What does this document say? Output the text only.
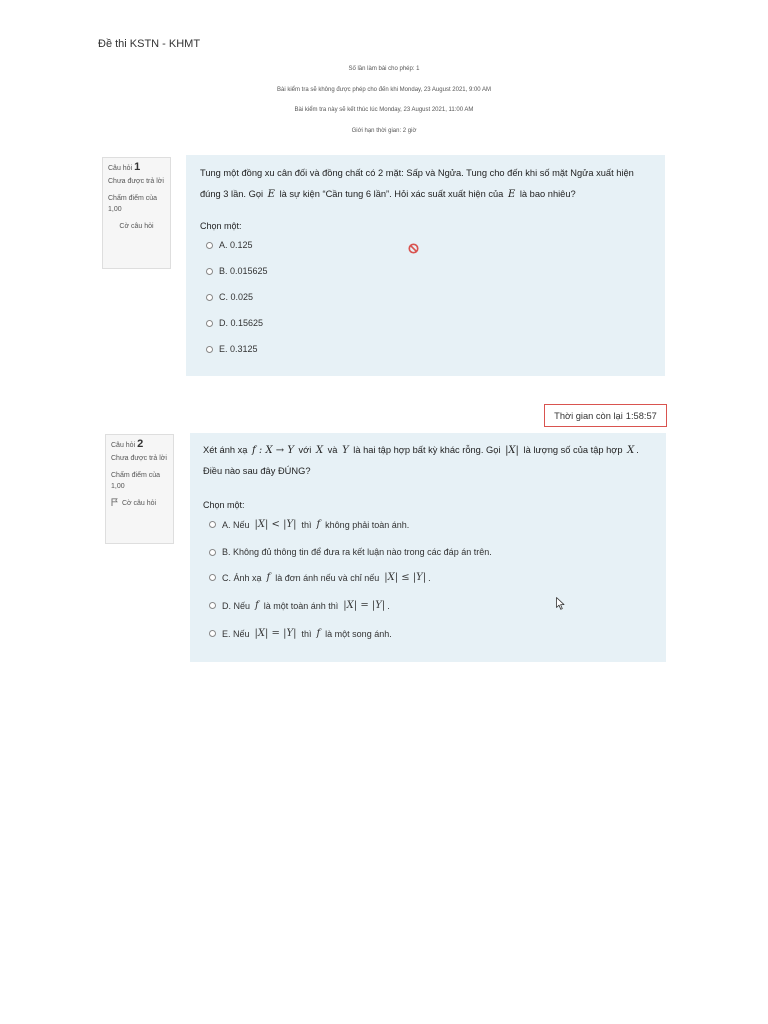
Đề thi KSTN - KHMT
Số lần làm bài cho phép: 1
Bài kiểm tra sẽ không được phép cho đến khi Monday, 23 August 2021, 9:00 AM
Bài kiểm tra này sẽ kết thúc lúc Monday, 23 August 2021, 11:00 AM
Giới hạn thời gian: 2 giờ
Câu hỏi 1
Chưa được trả lời
Chấm điểm của 1,00
Cờ câu hỏi
Tung một đồng xu cân đối và đồng chất có 2 mặt: Sấp và Ngửa. Tung cho đến khi số mặt Ngửa xuất hiện đúng 3 lần. Gọi E là sự kiện “Cần tung 6 lần”. Hỏi xác suất xuất hiện của E là bao nhiêu?
Chọn một:
A. 0.125
B. 0.015625
C. 0.025
D. 0.15625
E. 0.3125
Thời gian còn lại 1:58:57
Câu hỏi 2
Chưa được trả lời
Chấm điểm của 1,00
Cờ câu hỏi
Xét ánh xạ f : X → Y với X và Y là hai tập hợp bất kỳ khác rỗng. Gọi |X| là lượng số của tập hợp X . Điều nào sau đây ĐÚNG?
Chọn một:
A. Nếu |X| < |Y| thì f không phải toàn ánh.
B. Không đủ thông tin để đưa ra kết luận nào trong các đáp án trên.
C. Ánh xạ f là đơn ánh nếu và chỉ nếu |X| ≤ |Y| .
D. Nếu f là một toàn ánh thì |X| = |Y| .
E. Nếu |X| = |Y| thì f là một song ánh.
